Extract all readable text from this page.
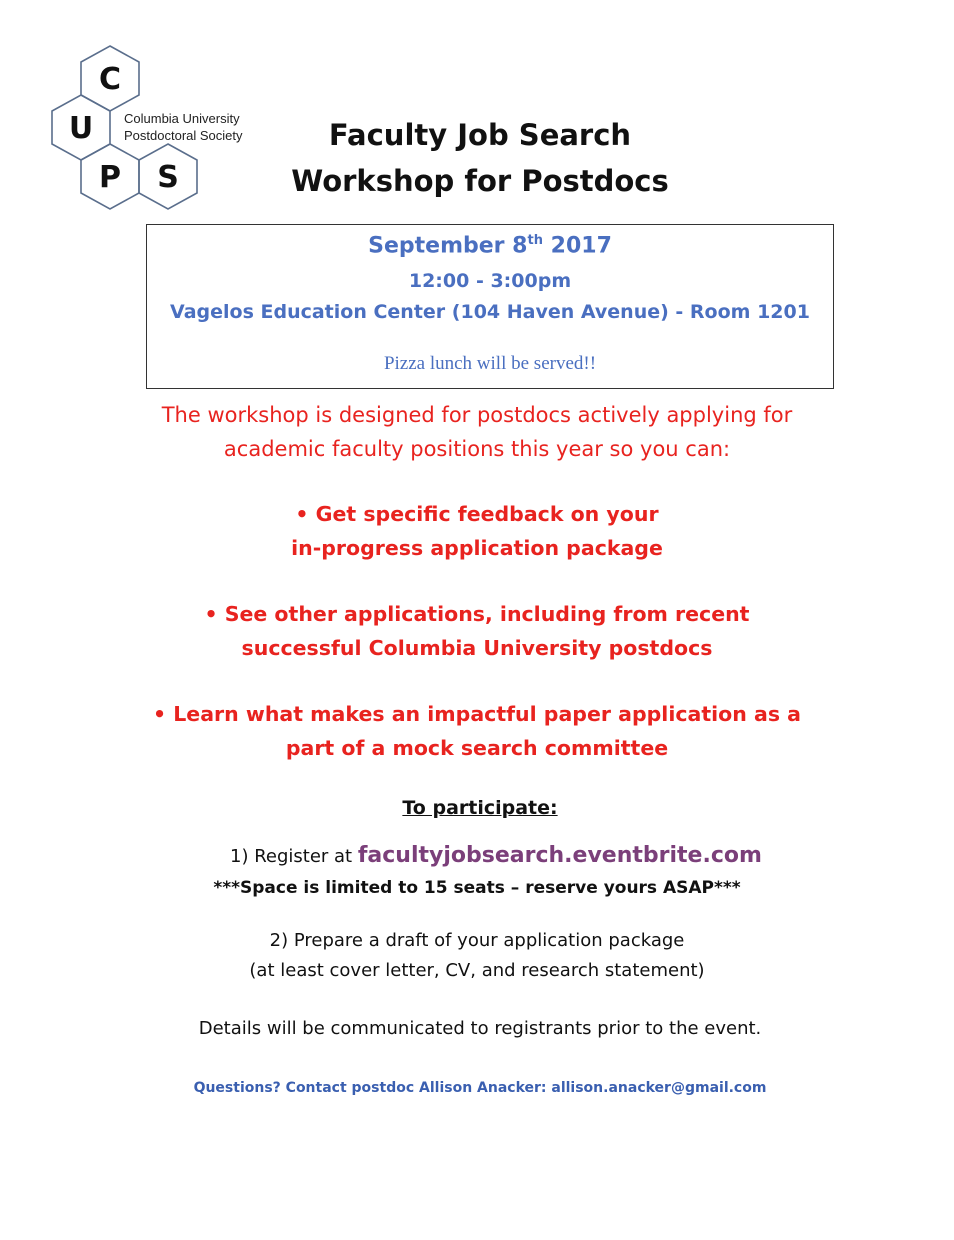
C
U
P S
Columbia University
Postdoctoral Society	Faculty Job Search
Workshop for Postdocs
September 8th 2017
12:00 - 3:00pm
Vagelos Education Center (104 Haven Avenue) - Room 1201
Pizza lunch will be served!!
The workshop is designed for postdocs actively applying for
academic faculty positions this year so you can:
• Get specific feedback on your
in-progress application package
• See other applications, including from recent
successful Columbia University postdocs
• Learn what makes an impactful paper application as a
part of a mock search committee
To participate:
1) Register at facultyjobsearch.eventbrite.com
***Space is limited to 15 seats – reserve yours ASAP***
2) Prepare a draft of your application package
(at least cover letter, CV, and research statement)
Details will be communicated to registrants prior to the event.
Questions? Contact postdoc Allison Anacker: allison.anacker@gmail.com
